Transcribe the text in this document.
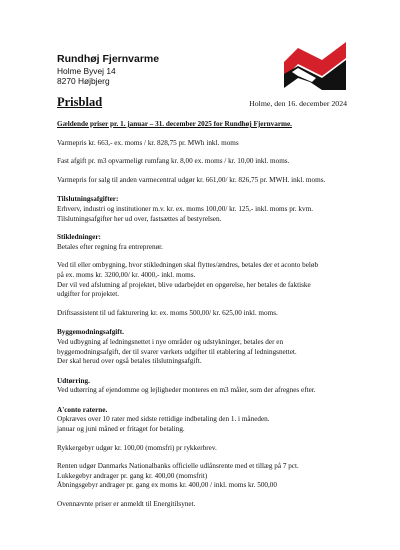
Rundhøj Fjernvarme
Holme Byvej 14
8270 Højbjerg
Prisblad	Holme, den 16. december 2024

Gældende priser pr. 1. januar – 31. december 2025 for Rundhøj Fjernvarme.

Varmepris kr. 663,- ex. moms / kr. 828,75 pr. MWh inkl. moms

Fast afgift pr. m3 opvarmeligt rumfang kr. 8,00 ex. moms / kr. 10,00 inkl. moms.

Varmepris for salg til anden varmecentral udgør kr. 661,00/ kr. 826,75 pr. MWH. inkl. moms.

Tilslutningsafgifter:

Erhverv, industri og institutioner m.v. kr. ex. moms 100,00/ kr. 125,- inkl. moms pr. kvm.

Tilslutningsafgifter her ud over, fastsættes af bestyrelsen.

Stikledninger:

Betales efter regning fra entreprenør.

Ved til eller ombygning, hvor stikledningen skal flyttes/ændres, betales der et aconto beløb

på ex. moms kr. 3200,00/ kr. 4000,- inkl. moms.

Der vil ved afslutning af projektet, blive udarbejdet en opgørelse, her betales de faktiske

udgifter for projektet.

Driftsassistent til ud fakturering kr. ex. moms 500,00/ kr. 625,00 inkl. moms.

Byggemodningsafgift.

Ved udbygning af ledningsnettet i nye områder og udstykninger, betales der en

byggemodningsafgift, der til svarer værkets udgifter til etablering af ledningsnettet.

Der skal herud over også betales tilslutningsafgift.

Udtørring.

Ved udtørring af ejendomme og lejligheder monteres en m3 måler, som der afregnes efter.

A'conto raterne.

Opkræves over 10 rater med sidste rettidige indbetaling den 1. i måneden.

januar og juni måned er fritaget for betaling.

Rykkergebyr udgør kr. 100,00 (momsfri) pr rykkerbrev.

Renten udgør Danmarks Nationalbanks officielle udlånsrente med et tillæg på 7 pct.

Lukkegebyr andrager pr. gang kr. 400,00 (momsfrit)

Åbningsgebyr andrager pr. gang ex moms kr. 400,00 / inkl. moms kr. 500,00

Ovennævnte priser er anmeldt til Energitilsynet.
